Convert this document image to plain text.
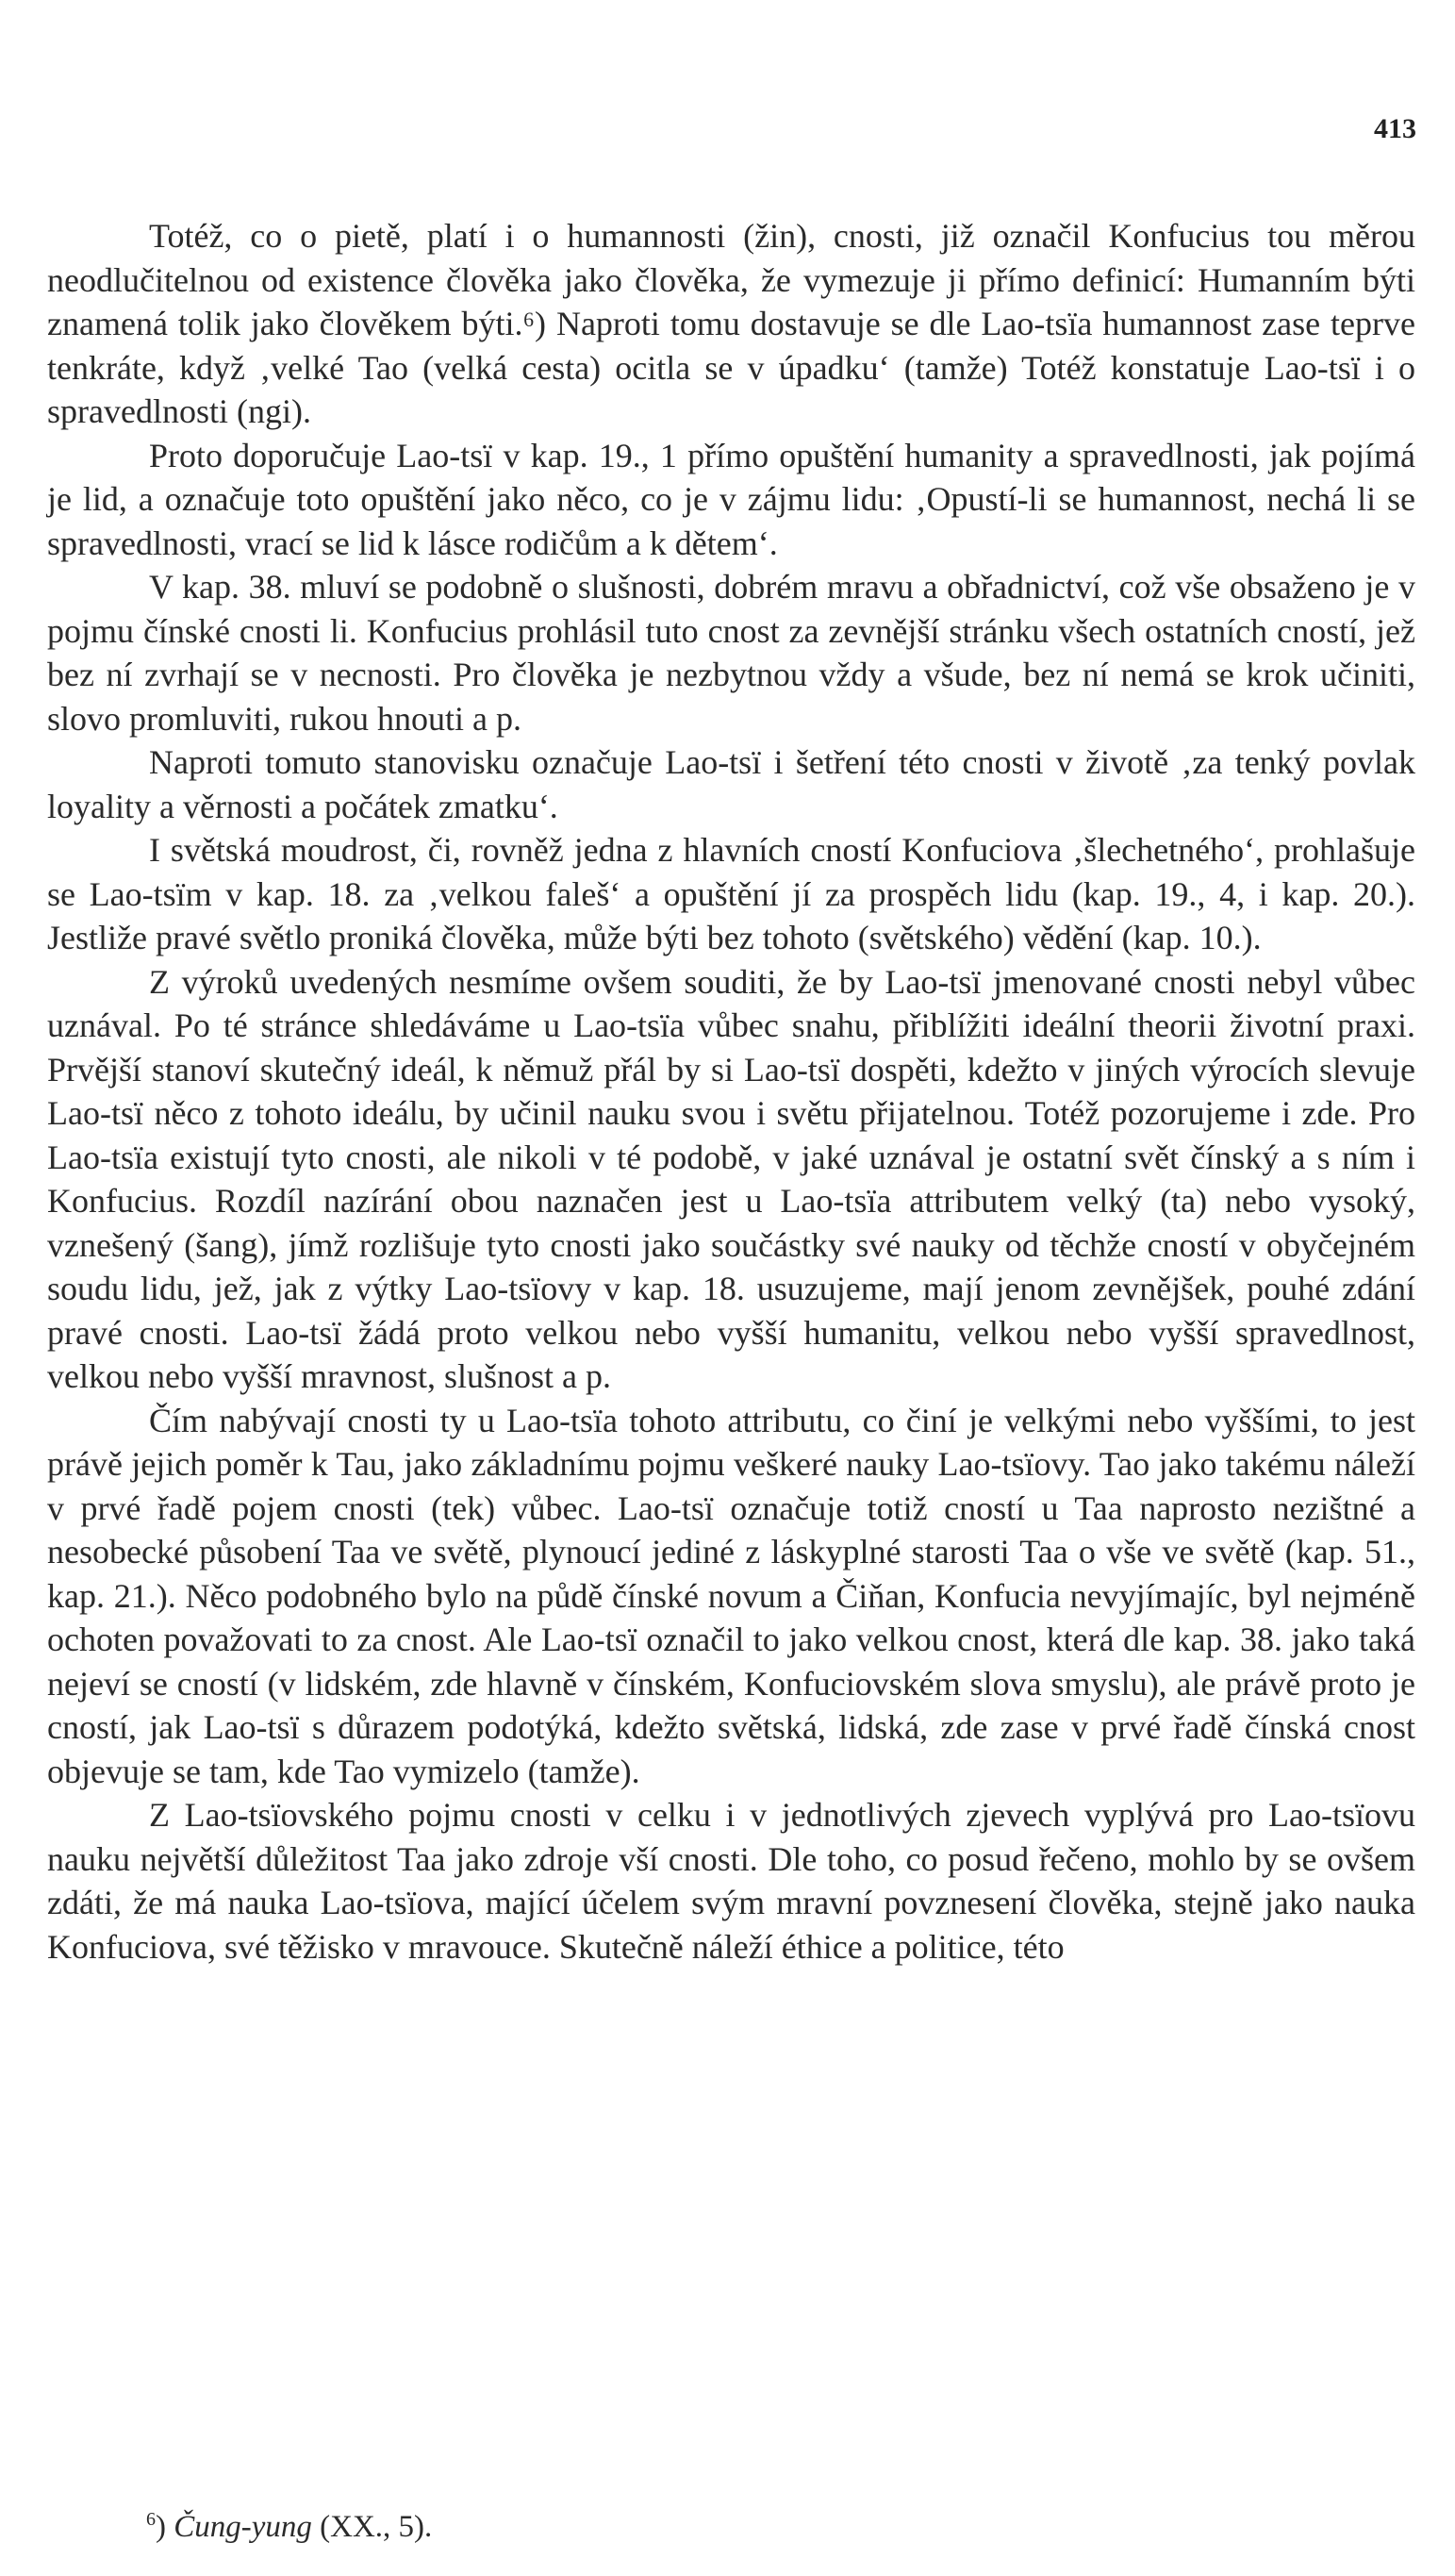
413

Totéž, co o pietě, platí i o humannosti (žin), cnosti, již označil Konfucius tou měrou neodlučitelnou od existence člověka jako člověka, že vymezuje ji přímo definicí: Humanním býti znamená tolik jako člověkem býti.⁶) Naproti tomu dostavuje se dle Lao-tsïa humannost zase teprve tenkráte, když ‚velké Tao (velká cesta) ocitla se v úpadku‘ (tamže) Totéž konstatuje Lao-tsï i o spravedlnosti (ngi).

Proto doporučuje Lao-tsï v kap. 19., 1 přímo opuštění humanity a spravedlnosti, jak pojímá je lid, a označuje toto opuštění jako něco, co je v zájmu lidu: ‚Opustí-li se humannost, nechá li se spravedlnosti, vrací se lid k lásce rodičům a k dětem‘.

V kap. 38. mluví se podobně o slušnosti, dobrém mravu a obřadnictví, což vše obsaženo je v pojmu čínské cnosti li. Konfucius prohlásil tuto cnost za zevnější stránku všech ostatních cností, jež bez ní zvrhají se v necnosti. Pro člověka je nezbytnou vždy a všude, bez ní nemá se krok učiniti, slovo promluviti, rukou hnouti a p.

Naproti tomuto stanovisku označuje Lao-tsï i šetření této cnosti v životě ‚za tenký povlak loyality a věrnosti a počátek zmatku‘.

I světská moudrost, či, rovněž jedna z hlavních cností Konfuciova ‚šlechetného‘, prohlašuje se Lao-tsïm v kap. 18. za ‚velkou faleš‘ a opuštění jí za prospěch lidu (kap. 19., 4, i kap. 20.). Jestliže pravé světlo proniká člověka, může býti bez tohoto (světského) vědění (kap. 10.).

Z výroků uvedených nesmíme ovšem souditi, že by Lao-tsï jmenované cnosti nebyl vůbec uznával. Po té stránce shledáváme u Lao-tsïa vůbec snahu, přiblížiti ideální theorii životní praxi. Prvější stanoví skutečný ideál, k němuž přál by si Lao-tsï dospěti, kdežto v jiných výrocích slevuje Lao-tsï něco z tohoto ideálu, by učinil nauku svou i světu přijatelnou. Totéž pozorujeme i zde. Pro Lao-tsïa existují tyto cnosti, ale nikoli v té podobě, v jaké uznával je ostatní svět čínský a s ním i Konfucius. Rozdíl nazírání obou naznačen jest u Lao-tsïa attributem velký (ta) nebo vysoký, vznešený (šang), jímž rozlišuje tyto cnosti jako součástky své nauky od těchže cností v obyčejném soudu lidu, jež, jak z výtky Lao-tsïovy v kap. 18. usuzujeme, mají jenom zevnějšek, pouhé zdání pravé cnosti. Lao-tsï žádá proto velkou nebo vyšší humanitu, velkou nebo vyšší spravedlnost, velkou nebo vyšší mravnost, slušnost a p.

Čím nabývají cnosti ty u Lao-tsïa tohoto attributu, co činí je velkými nebo vyššími, to jest právě jejich poměr k Tau, jako základnímu pojmu veškeré nauky Lao-tsïovy. Tao jako takému náleží v prvé řadě pojem cnosti (tek) vůbec. Lao-tsï označuje totiž cností u Taa naprosto nezištné a nesobecké působení Taa ve světě, plynoucí jediné z láskyplné starosti Taa o vše ve světě (kap. 51., kap. 21.). Něco podobného bylo na půdě čínské novum a Čiňan, Konfucia nevyjímajíc, byl nejméně ochoten považovati to za cnost. Ale Lao-tsï označil to jako velkou cnost, která dle kap. 38. jako taká nejeví se cností (v lidském, zde hlavně v čínském, Konfuciovském slova smyslu), ale právě proto je cností, jak Lao-tsï s důrazem podotýká, kdežto světská, lidská, zde zase v prvé řadě čínská cnost objevuje se tam, kde Tao vymizelo (tamže).

Z Lao-tsïovského pojmu cnosti v celku i v jednotlivých zjevech vyplývá pro Lao-tsïovu nauku největší důležitost Taa jako zdroje vší cnosti. Dle toho, co posud řečeno, mohlo by se ovšem zdáti, že má nauka Lao-tsïova, mající účelem svým mravní povznesení člověka, stejně jako nauka Konfuciova, své těžisko v mravouce. Skutečně náleží éthice a politice, této

$^6$) Čung-yung (XX., 5).
